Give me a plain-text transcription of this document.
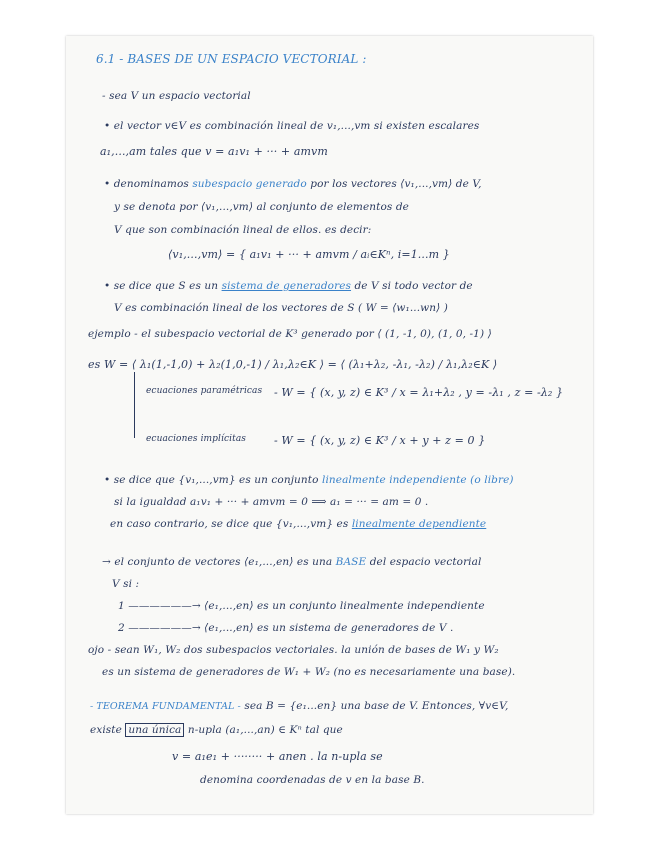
6.1 - BASES DE UN ESPACIO VECTORIAL :
- sea V un espacio vectorial
• el vector v∈V es combinación lineal de v₁,...,vm si existen escalares
a₁,...,am tales que v = a₁v₁ + ··· + amvm
• denominamos subespacio generado por los vectores ⟨v₁,...,vm⟩ de V,
y se denota por ⟨v₁,...,vm⟩ al conjunto de elementos de
V que son combinación lineal de ellos. es decir:
⟨v₁,...,vm⟩ = { a₁v₁ + ··· + amvm / aᵢ∈Kⁿ, i=1...m }
• se dice que S es un sistema de generadores de V si todo vector de
V es combinación lineal de los vectores de S ( W = ⟨w₁...wn⟩ )
ejemplo - el subespacio vectorial de K³ generado por ⟨ (1, -1, 0), (1, 0, -1) ⟩
es W = ⟨ λ₁(1,-1,0) + λ₂(1,0,-1) / λ₁,λ₂∈K ⟩ = ⟨ (λ₁+λ₂, -λ₁, -λ₂) / λ₁,λ₂∈K ⟩
ecuaciones paramétricas - W = { (x, y, z) ∈ K³ / x = λ₁+λ₂ , y = -λ₁ , z = -λ₂ }
ecuaciones implícitas	- W = { (x, y, z) ∈ K³ / x + y + z = 0 }
• se dice que {v₁,...,vm} es un conjunto linealmente independiente (o libre)
si la igualdad a₁v₁ + ··· + amvm = 0 ⟹ a₁ = ··· = am = 0 .
en caso contrario, se dice que {v₁,...,vm} es linealmente dependiente
→ el conjunto de vectores ⟨e₁,...,en⟩ es una BASE del espacio vectorial
V si :
1 ——————→ ⟨e₁,...,en⟩ es un conjunto linealmente independiente
2 ——————→ ⟨e₁,...,en⟩ es un sistema de generadores de V .
ojo - sean W₁, W₂ dos subespacios vectoriales. la unión de bases de W₁ y W₂
es un sistema de generadores de W₁ + W₂ (no es necesariamente una base).
- TEOREMA FUNDAMENTAL - sea B = {e₁...en} una base de V. Entonces, ∀v∈V,
existe una única n-upla (a₁,...,an) ∈ Kⁿ tal que
v = a₁e₁ + ········ + anen . la n-upla se
denomina coordenadas de v en la base B.
